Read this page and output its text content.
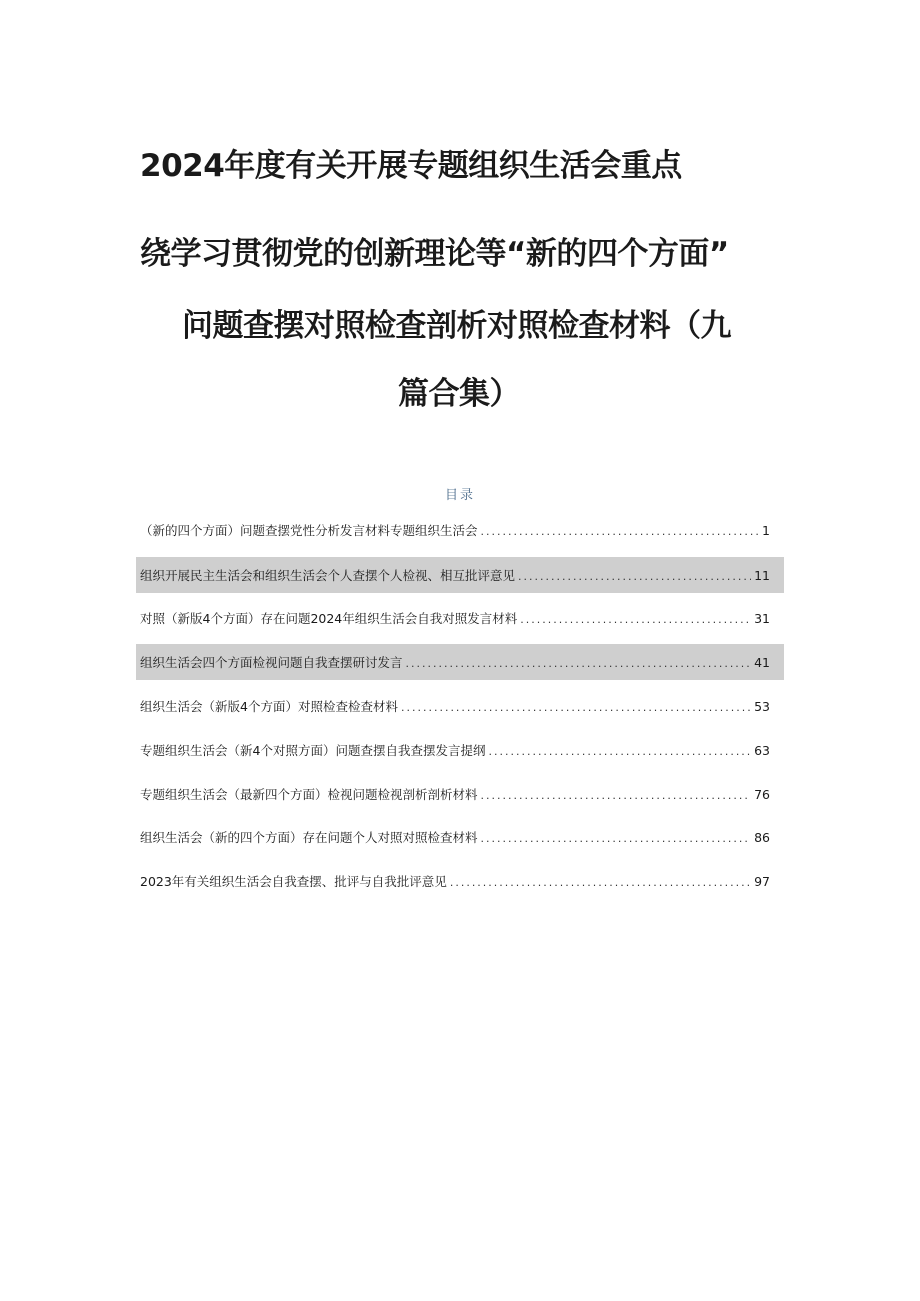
2024年度有关开展专题组织生活会重点
绕学习贯彻党的创新理论等“新的四个方面”
问题查摆对照检查剖析对照检查材料（九
篇合集）
目录
（新的四个方面）问题查摆党性分析发言材料专题组织生活会 .....	1
组织开展民主生活会和组织生活会个人查摆个人检视、相互批评意见 .....	11
对照（新版4个方面）存在问题2024年组织生活会自我对照发言材料 .....	31
组织生活会四个方面检视问题自我查摆研讨发言 .....	41
组织生活会（新版4个方面）对照检查检查材料 .....	53
专题组织生活会（新4个对照方面）问题查摆自我查摆发言提纲 .....	63
专题组织生活会（最新四个方面）检视问题检视剖析剖析材料 .....	76
组织生活会（新的四个方面）存在问题个人对照对照检查材料 .....	86
2023年有关组织生活会自我查摆、批评与自我批评意见 .....	97
